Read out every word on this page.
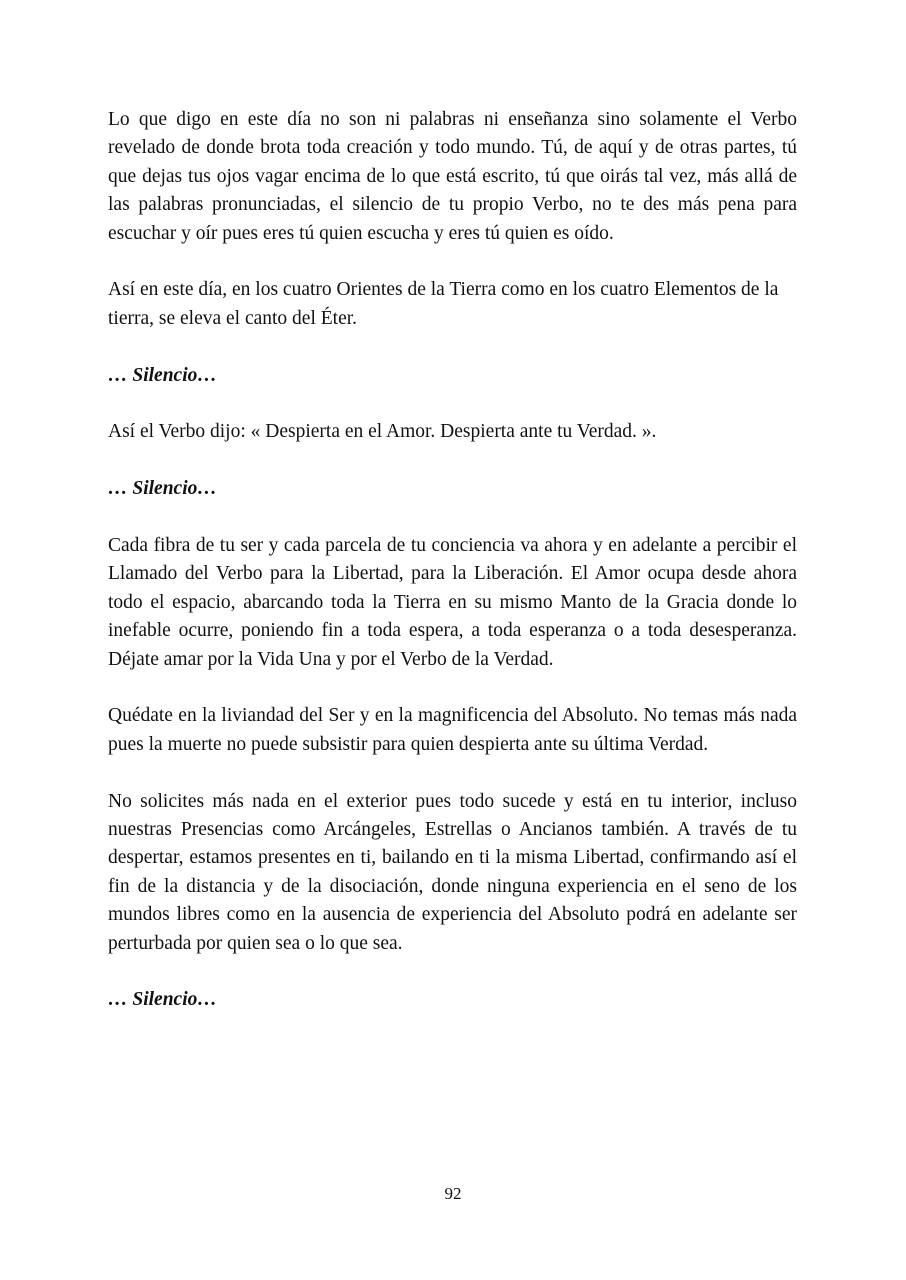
Lo que digo en este día no son ni palabras ni enseñanza sino solamente el Verbo revelado de donde brota toda creación y todo mundo. Tú, de aquí y de otras partes, tú que dejas tus ojos vagar encima de lo que está escrito, tú que oirás tal vez, más allá de las palabras pronunciadas, el silencio de tu propio Verbo, no te des más pena para escuchar y oír pues eres tú quien escucha y eres tú quien es oído.

Así en este día, en los cuatro Orientes de la Tierra como en los cuatro Elementos de la tierra, se eleva el canto del Éter.

… Silencio…

Así el Verbo dijo: « Despierta en el Amor. Despierta ante tu Verdad. ».

… Silencio…

Cada fibra de tu ser y cada parcela de tu conciencia va ahora y en adelante a percibir el Llamado del Verbo para la Libertad, para la Liberación. El Amor ocupa desde ahora todo el espacio, abarcando toda la Tierra en su mismo Manto de la Gracia donde lo inefable ocurre, poniendo fin a toda espera, a toda esperanza o a toda desesperanza. Déjate amar por la Vida Una y por el Verbo de la Verdad.

Quédate en la liviandad del Ser y en la magnificencia del Absoluto. No temas más nada pues la muerte no puede subsistir para quien despierta ante su última Verdad.

No solicites más nada en el exterior pues todo sucede y está en tu interior, incluso nuestras Presencias como Arcángeles, Estrellas o Ancianos también. A través de tu despertar, estamos presentes en ti, bailando en ti la misma Libertad, confirmando así el fin de la distancia y de la disociación, donde ninguna experiencia en el seno de los mundos libres como en la ausencia de experiencia del Absoluto podrá en adelante ser perturbada por quien sea o lo que sea.

… Silencio…

92
